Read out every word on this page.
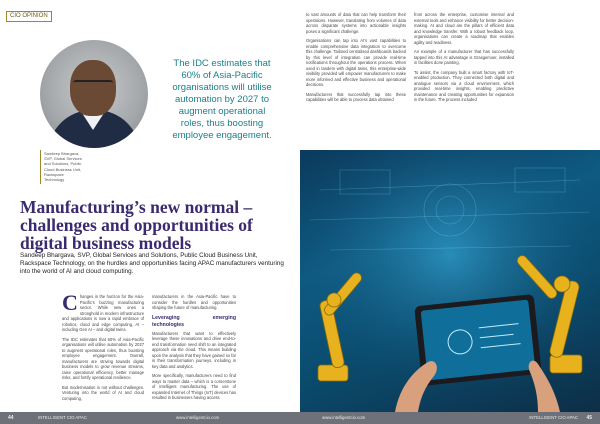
CIO OPINION
The IDC estimates that 60% of Asia-Pacific organisations will utilise automation by 2027 to augment operational roles, thus boosting employee engagement.
Sandeep Bhargava, SVP, Global Services and Solutions, Public Cloud Business Unit, Rackspace Technology
Manufacturing’s new normal – challenges and opportunities of digital business models

Sandeep Bhargava, SVP, Global Services and Solutions, Public Cloud Business Unit, Rackspace Technology, on the hurdles and opportunities facing APAC manufacturers venturing into the world of AI and cloud computing.

Changes in the horizon for the Asia-Pacific’s buzzing manufacturing sector. While new ones a stronghold in modern infrastructure and applications is now a rapid embrace of robotics, cloud and edge computing, AI – including Gen AI – and digital twins.

The IDC estimates that 60% of Asia-Pacific organisations will utilise automation by 2027 to augment operational roles, thus boosting employee engagement. Overall, manufacturers are striving towards digital business models to grow revenue streams, raise operational efficiency, better manage risks, and fortify operational resilience.

But modernisation is not without challenges. Venturing into the world of AI and cloud computing,

manufacturers in the Asia-Pacific have to consider the hurdles and opportunities shaping the future of manufacturing.

Leveraging emerging technologies

Manufacturers that want to effectively leverage these innovations and drive end-to-end transformation need shift to an integrated approach via the cloud. This means building upon the analysis that they have gained so far in their transformation journeys, including in key data and analytics.

More specifically, manufacturers need to find ways to master data – which is a cornerstone of intelligent manufacturing. The use of expanded Internet of Things (IoT) devices has resulted in businesses having access

44	INTELLIGENT CIO APAC	www.intelligentcio.com

to vast amounts of data that can help transform their operations. However, translating from volumes of data across disparate systems into actionable insights poses a significant challenge.

Organisations can tap into AI’s vast capabilities to enable comprehensive data integration to overcome this challenge. Tailored centralised dashboards backed by this level of integration can provide real-time notifications throughout the operations process. When used in tandem with digital twins, this enterprise-wide visibility provided will empower manufacturers to make more informed and effective business and operational decisions.

Manufacturers that successfully tap into these capabilities will be able to process data obtained

from across the enterprise, customise internal and external tools and enhance visibility for better decision-making. At and cloud are the pillars of efficient data and knowledge transfer. With a robust feedback loop, organisations can create a roadmap that enables agility and readiness.

An example of a manufacturer that has successfully tapped into this AI advantage is Grasgemoer, installed in facilities done painting.

To assist, the company built a smart factory with IoT-enabled production. They connected both digital and analogue sensors via a cloud environment, which provided real-time insights, enabling predictive maintenance and creating opportunities for expansion in the future. The process included

www.intelligentcio.com	INTELLIGENT CIO APAC 45
